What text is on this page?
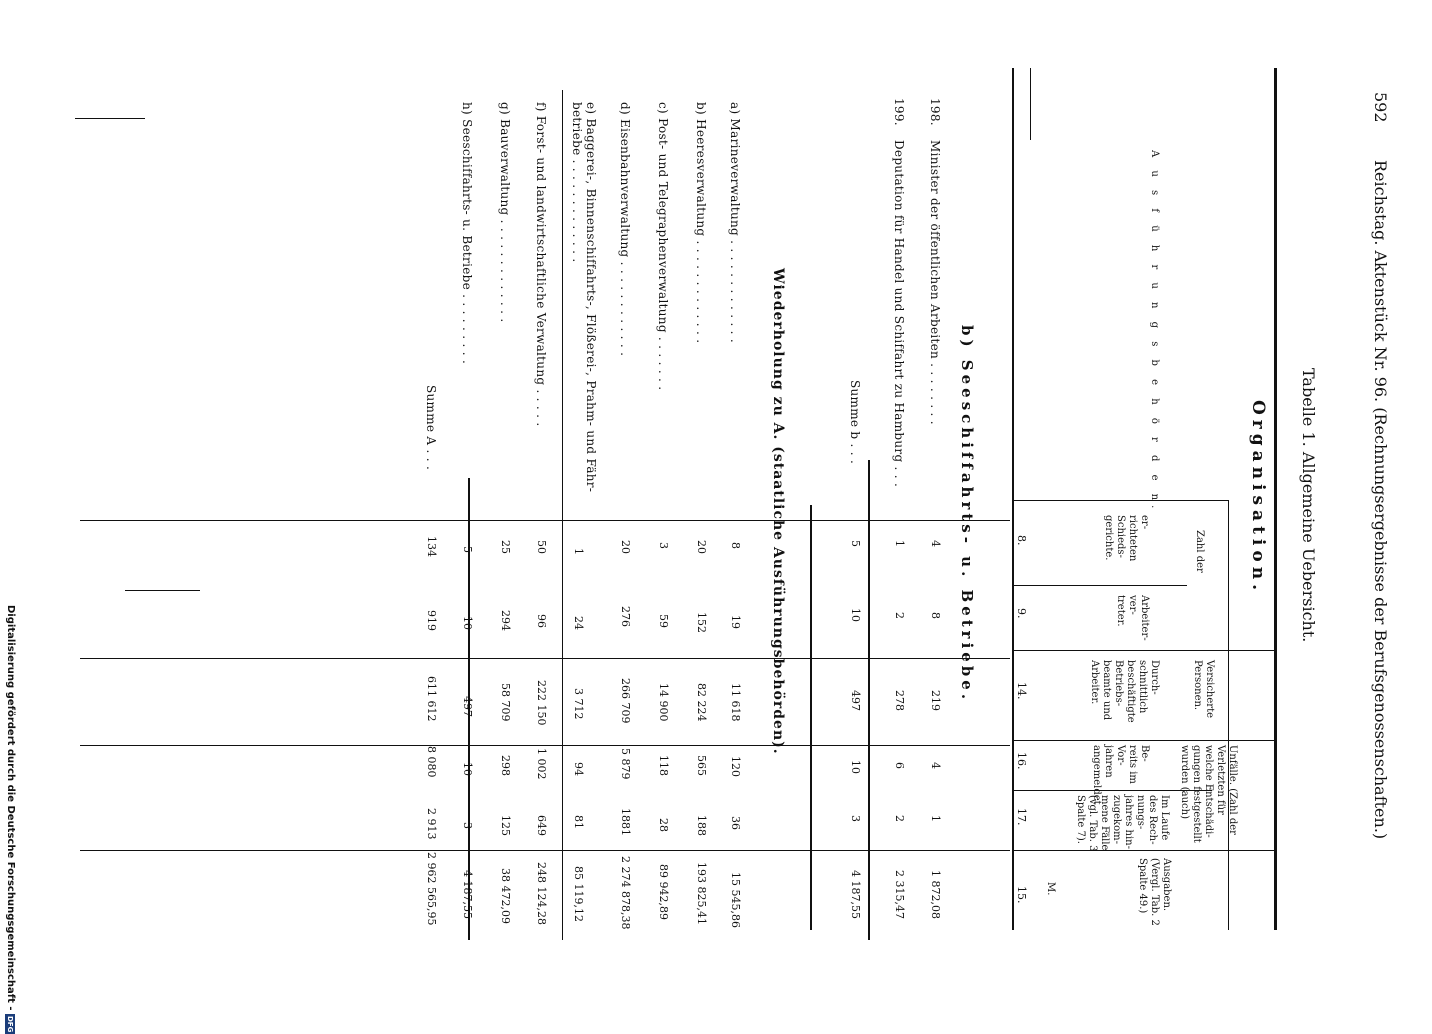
592
Reichstag. Aktenstück Nr. 96. (Rechnungsergebnisse der Berufsgenossenschaften.)
Tabelle 1. Allgemeine Uebersicht.
Organisation.
A u s f ü h r u n g s b e h ö r d e n.
Zahl der
er- richteten Schieds- gerichte.
Arbeiter- ver- treter.
Versicherte Personen.
Durch- schnittlich beschäftigte Betriebs- beamte und Arbeiter.
Unfälle. (Zahl der Verletzten für welche Entschädi- gungen festgestellt wurden (auch)
Be- reits im Vor- jahren angemeldet
Im Laufe des Rech- nungs- jahres hin- zugekom- mene Fälle (vgl. Tab. 3 Spalte 7).
Ausgaben. (Vergl. Tab. 2 Spalte 49.)
M.
8.
9.
14.
16.
17.
15.
b) Seeschiffahrts- u. Betriebe.
198.
Minister der öffentlichen Arbeiten . . . . . . . .
4
8
219
4
1
1 872,08
199.
Deputation für Handel und Schiffahrt zu Hamburg . . .
1
2
278
6
2
2 315,47
Summe b . . .
5
10
497
10
3
4 187,55
Wiederholung zu A. (staatliche Ausführungsbehörden).
a) Marineverwaltung . . . . . . . . . . . . .
8
19
11 618
120
36
15 545,86
b) Heeresverwaltung . . . . . . . . . . . . .
20
152
82 224
565
188
193 825,41
c) Post- und Telegraphenverwaltung . . . . . . .
3
59
14 900
118
28
89 942,89
d) Eisenbahnverwaltung . . . . . . . . . . . .
20
276
266 709
5 879
1881
2 274 878,38
e) Baggerei-, Binnenschiffahrts-, Flößerei-, Prahm- und Fähr- betriebe . . . . . . . . . . . . .
1
24
3 712
94
81
85 119,12
f) Forst- und landwirtschaftliche Verwaltung . . . . .
50
96
222 150
1 002
649
248 124,28
g) Bauverwaltung . . . . . . . . . . . . .
25
294
58 709
298
125
38 472,09
h) Seeschiffahrts- u. Betriebe . . . . . . . . .
5
10
497
10
3
4 187,55
Summe A . . .
134
919
611 612
8 080
2 913
2 962 565,95
Digitalisierung gefördert durch die Deutsche Forschungsgemeinschaft - DFG
